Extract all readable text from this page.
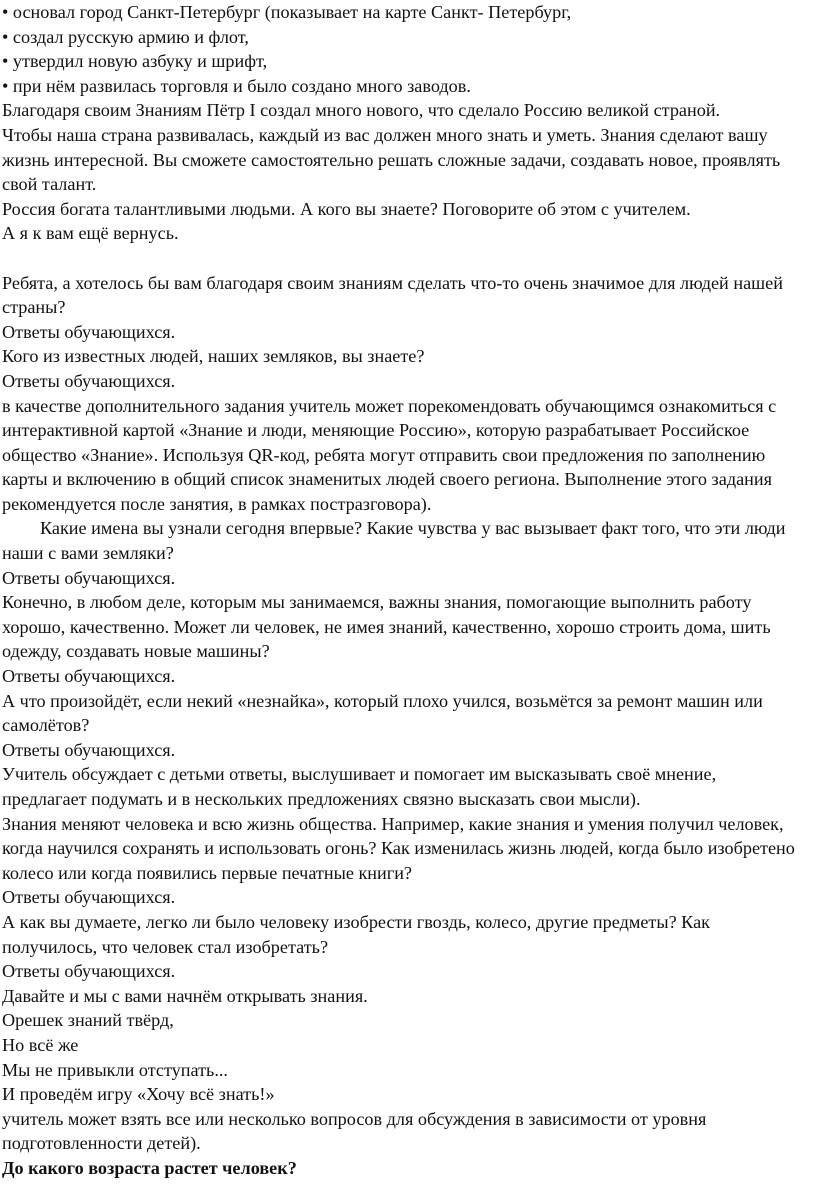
• основал город Санкт-Петербург (показывает на карте Санкт- Петербург,

• создал русскую армию и флот,

• утвердил новую азбуку и шрифт,

• при нём развилась торговля и было создано много заводов.

Благодаря своим Знаниям Пётр I создал много нового, что сделало Россию великой страной.

Чтобы наша страна развивалась, каждый из вас должен много знать и уметь. Знания сделают вашу

жизнь интересной. Вы сможете самостоятельно решать сложные задачи, создавать новое, проявлять

свой талант.

Россия богата талантливыми людьми. А кого вы знаете? Поговорите об этом с учителем.

А я к вам ещё вернусь.

Ребята, а хотелось бы вам благодаря своим знаниям сделать что-то очень значимое для людей нашей

страны?

Ответы обучающихся.

Кого из известных людей, наших земляков, вы знаете?

Ответы обучающихся.

в качестве дополнительного задания учитель может порекомендовать обучающимся ознакомиться с

интерактивной картой «Знание и люди, меняющие Россию», которую разрабатывает Российское

общество «Знание». Используя QR-код, ребята могут отправить свои предложения по заполнению

карты и включению в общий список знаменитых людей своего региона. Выполнение этого задания

рекомендуется после занятия, в рамках постразговора).

Какие имена вы узнали сегодня впервые? Какие чувства у вас вызывает факт того, что эти люди

наши с вами земляки?

Ответы обучающихся.

Конечно, в любом деле, которым мы занимаемся, важны знания, помогающие выполнить работу

хорошо, качественно. Может ли человек, не имея знаний, качественно, хорошо строить дома, шить

одежду, создавать новые машины?

Ответы обучающихся.

А что произойдёт, если некий «незнайка», который плохо учился, возьмётся за ремонт машин или

самолётов?

Ответы обучающихся.

Учитель обсуждает с детьми ответы, выслушивает и помогает им высказывать своё мнение,

предлагает подумать и в нескольких предложениях связно высказать свои мысли).

Знания меняют человека и всю жизнь общества. Например, какие знания и умения получил человек,

когда научился сохранять и использовать огонь? Как изменилась жизнь людей, когда было изобретено

колесо или когда появились первые печатные книги?

Ответы обучающихся.

А как вы думаете, легко ли было человеку изобрести гвоздь, колесо, другие предметы? Как

получилось, что человек стал изобретать?

Ответы обучающихся.

Давайте и мы с вами начнём открывать знания.

Орешек знаний твёрд,

Но всё же

Мы не привыкли отступать...

И проведём игру «Хочу всё знать!»

учитель может взять все или несколько вопросов для обсуждения в зависимости от уровня

подготовленности детей).

До какого возраста растет человек?
